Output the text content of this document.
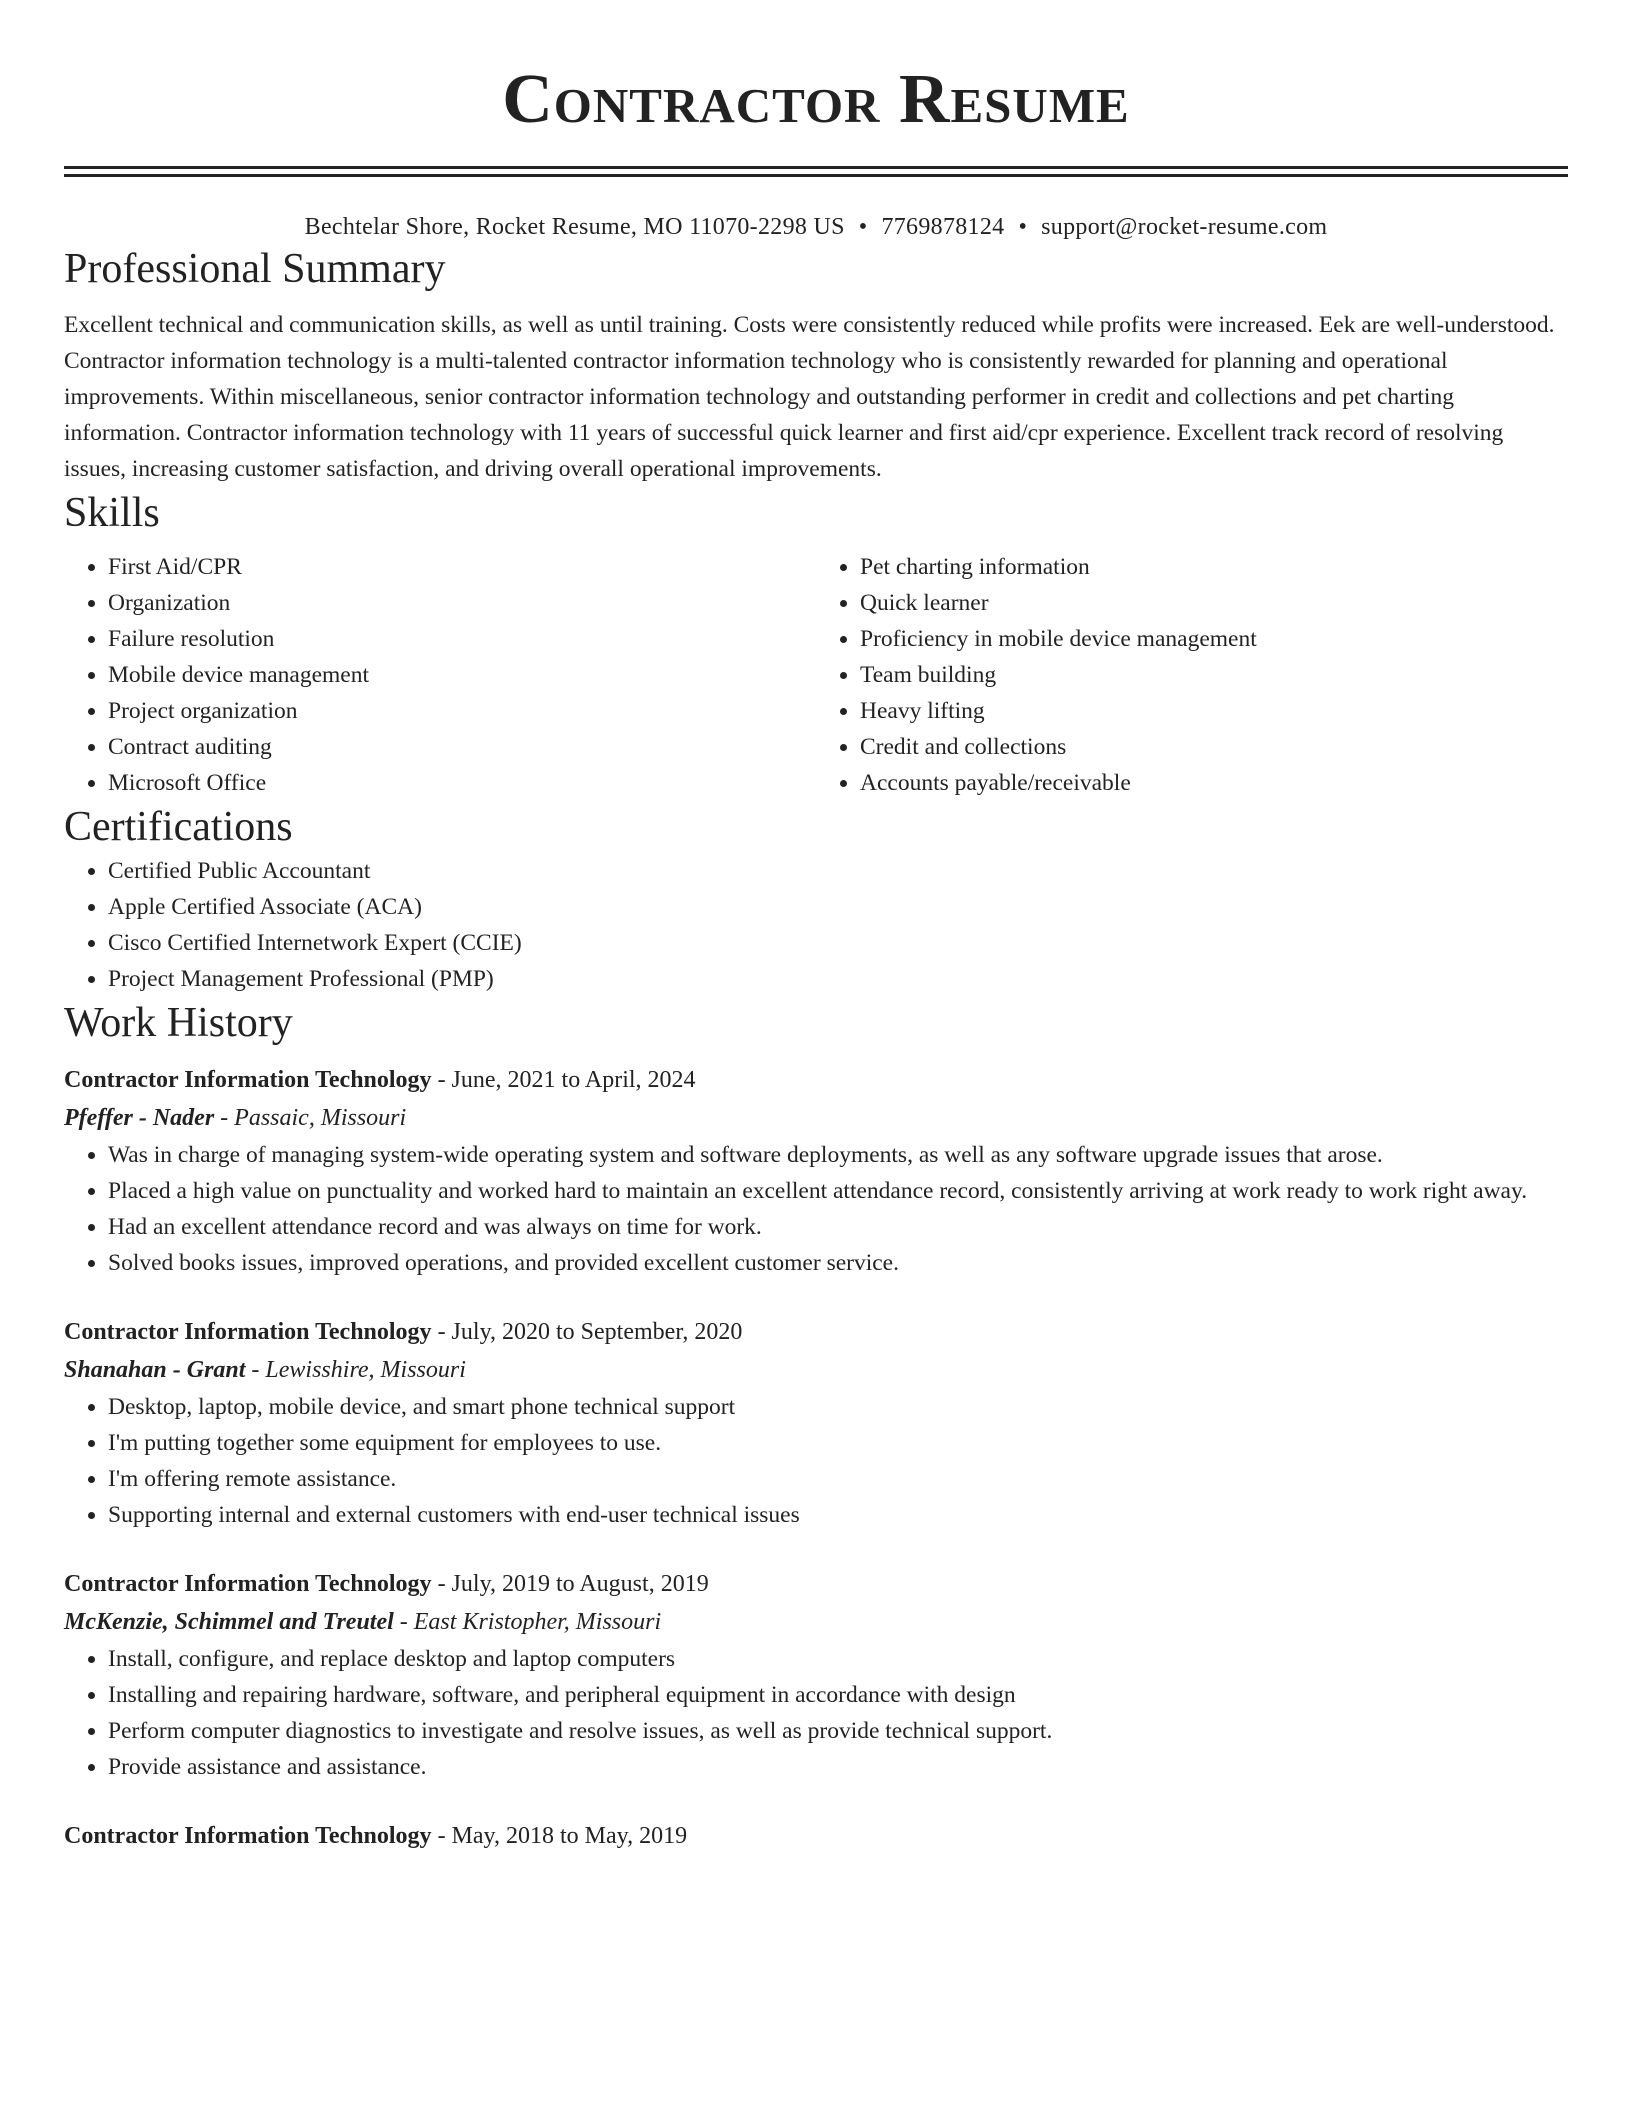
Contractor Resume
Bechtelar Shore, Rocket Resume, MO 11070-2298 US • 7769878124 • support@rocket-resume.com
Professional Summary
Excellent technical and communication skills, as well as until training. Costs were consistently reduced while profits were increased. Eek are well-understood. Contractor information technology is a multi-talented contractor information technology who is consistently rewarded for planning and operational improvements. Within miscellaneous, senior contractor information technology and outstanding performer in credit and collections and pet charting information. Contractor information technology with 11 years of successful quick learner and first aid/cpr experience. Excellent track record of resolving issues, increasing customer satisfaction, and driving overall operational improvements.
Skills
• First Aid/CPR
• Organization
• Failure resolution
• Mobile device management
• Project organization
• Contract auditing
• Microsoft Office
• Pet charting information
• Quick learner
• Proficiency in mobile device management
• Team building
• Heavy lifting
• Credit and collections
• Accounts payable/receivable
Certifications
• Certified Public Accountant
• Apple Certified Associate (ACA)
• Cisco Certified Internetwork Expert (CCIE)
• Project Management Professional (PMP)
Work History
Contractor Information Technology - June, 2021 to April, 2024
Pfeffer - Nader - Passaic, Missouri
• Was in charge of managing system-wide operating system and software deployments, as well as any software upgrade issues that arose.
• Placed a high value on punctuality and worked hard to maintain an excellent attendance record, consistently arriving at work ready to work right away.
• Had an excellent attendance record and was always on time for work.
• Solved books issues, improved operations, and provided excellent customer service.
Contractor Information Technology - July, 2020 to September, 2020
Shanahan - Grant - Lewisshire, Missouri
• Desktop, laptop, mobile device, and smart phone technical support
• I'm putting together some equipment for employees to use.
• I'm offering remote assistance.
• Supporting internal and external customers with end-user technical issues
Contractor Information Technology - July, 2019 to August, 2019
McKenzie, Schimmel and Treutel - East Kristopher, Missouri
• Install, configure, and replace desktop and laptop computers
• Installing and repairing hardware, software, and peripheral equipment in accordance with design
• Perform computer diagnostics to investigate and resolve issues, as well as provide technical support.
• Provide assistance and assistance.
Contractor Information Technology - May, 2018 to May, 2019
